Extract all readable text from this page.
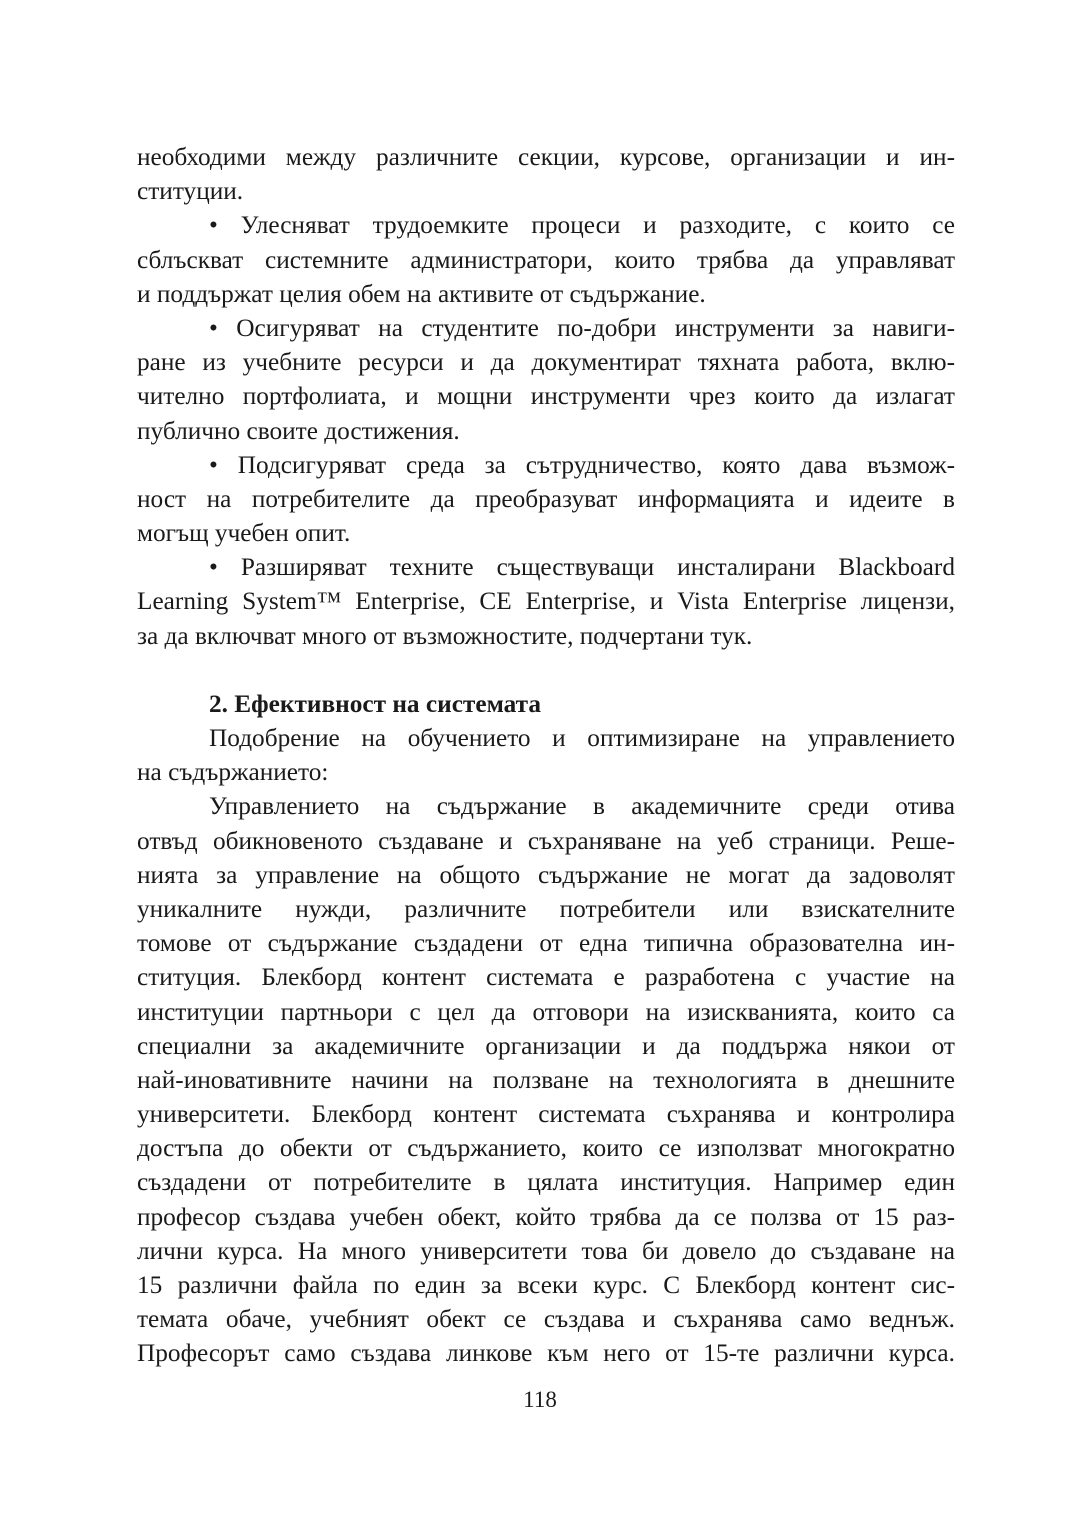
необходими между различните секции, курсове, организации и ин-
ституции.
• Улесняват трудоемките процеси и разходите, с които се
сблъскват системните администратори, които трябва да управляват
и поддържат целия обем на активите от съдържание.
• Осигуряват на студентите по-добри инструменти за навиги-
ране из учебните ресурси и да документират тяхната работа, вклю-
чително портфолиата, и мощни инструменти чрез които да излагат
публично своите достижения.
• Подсигуряват среда за сътрудничество, която дава възмож-
ност на потребителите да преобразуват информацията и идеите в
могъщ учебен опит.
• Разширяват техните съществуващи инсталирани Blackboard
Learning System™ Enterprise, CE Enterprise, и Vista Enterprise лицензи,
за да включват много от възможностите, подчертани тук.
2. Ефективност на системата
Подобрение на обучението и оптимизиране на управлението
на съдържанието:
Управлението на съдържание в академичните среди отива
отвъд обикновеното създаване и съхраняване на уеб страници. Реше-
нията за управление на общото съдържание не могат да задоволят
уникалните нужди, различните потребители или взискателните
томове от съдържание създадени от една типична образователна ин-
ституция. Блекборд контент системата е разработена с участие на
институции партньори с цел да отговори на изискванията, които са
специални за академичните организации и да поддържа някои от
най-иновативните начини на ползване на технологията в днешните
университети. Блекборд контент системата съхранява и контролира
достъпа до обекти от съдържанието, които се използват многократно
създадени от потребителите в цялата институция. Например един
професор създава учебен обект, който трябва да се ползва от 15 раз-
лични курса. На много университети това би довело до създаване на
15 различни файла по един за всеки курс. С Блекборд контент сис-
темата обаче, учебният обект се създава и съхранява само веднъж.
Професорът само създава линкове към него от 15-те различни курса.
118
